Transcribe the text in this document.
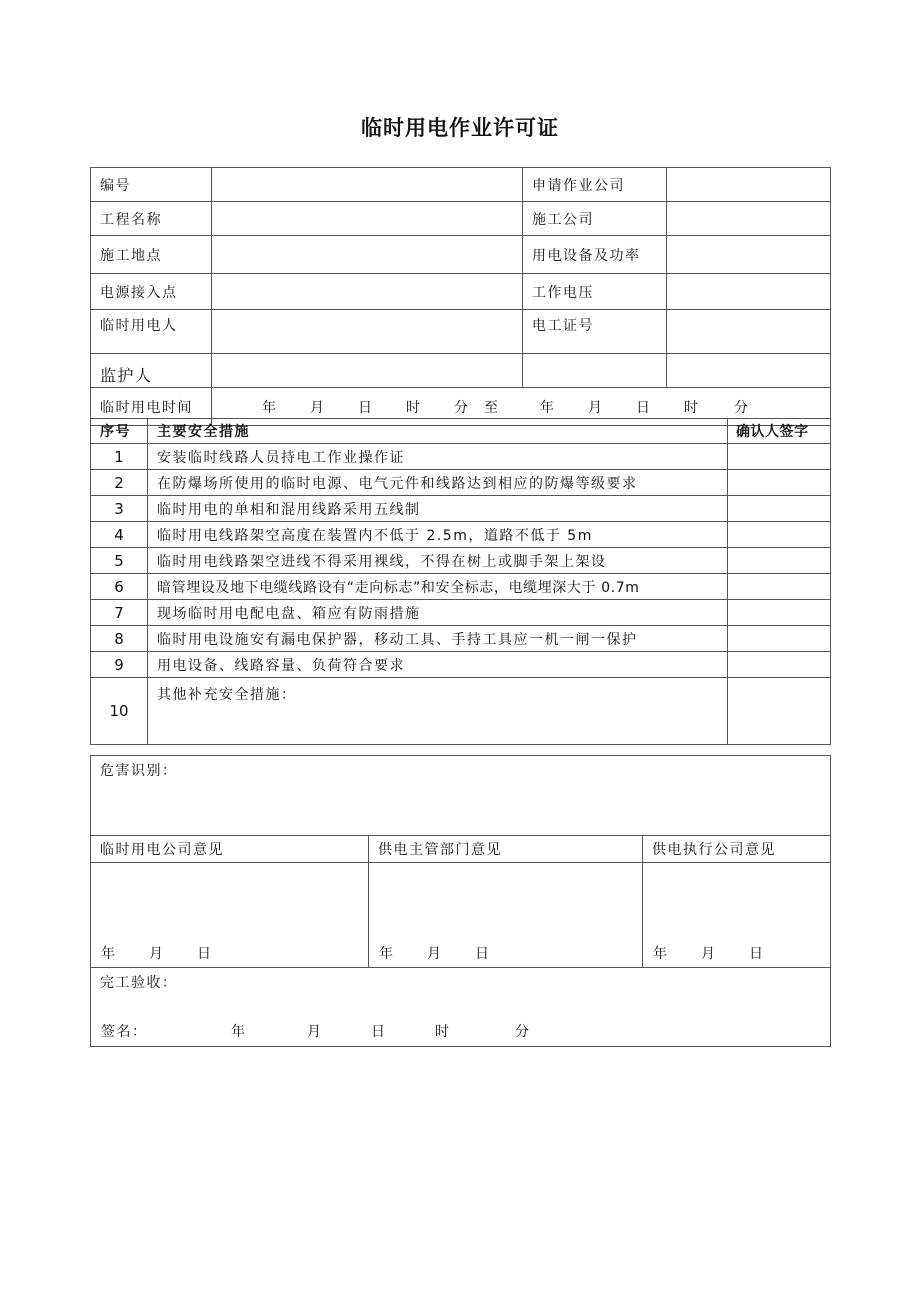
临时用电作业许可证
编号		申请作业公司	
工程名称		施工公司	
施工地点		用电设备及功率	
电源接入点		工作电压	
临时用电人		电工证号	
监护人			
临时用电时间	年 月 日 时 分 至 年 月 日 时 分		
序号	主要安全措施	确认人签字
1	安装临时线路人员持电工作业操作证	
2	在防爆场所使用的临时电源、电气元件和线路达到相应的防爆等级要求	
3	临时用电的单相和混用线路采用五线制	
4	临时用电线路架空高度在装置内不低于 2.5m，道路不低于 5m	
5	临时用电线路架空进线不得采用裸线，不得在树上或脚手架上架设	
6	暗管埋设及地下电缆线路设有“走向标志”和安全标志，电缆埋深大于 0.7m	
7	现场临时用电配电盘、箱应有防雨措施	
8	临时用电设施安有漏电保护器，移动工具、手持工具应一机一闸一保护	
9	用电设备、线路容量、负荷符合要求	
10	其他补充安全措施：	
危害识别：		
临时用电公司意见	供电主管部门意见	供电执行公司意见

年 月 日	年 月 日	年 月 日

完工验收：
签名： 年 月 日 时 分		
